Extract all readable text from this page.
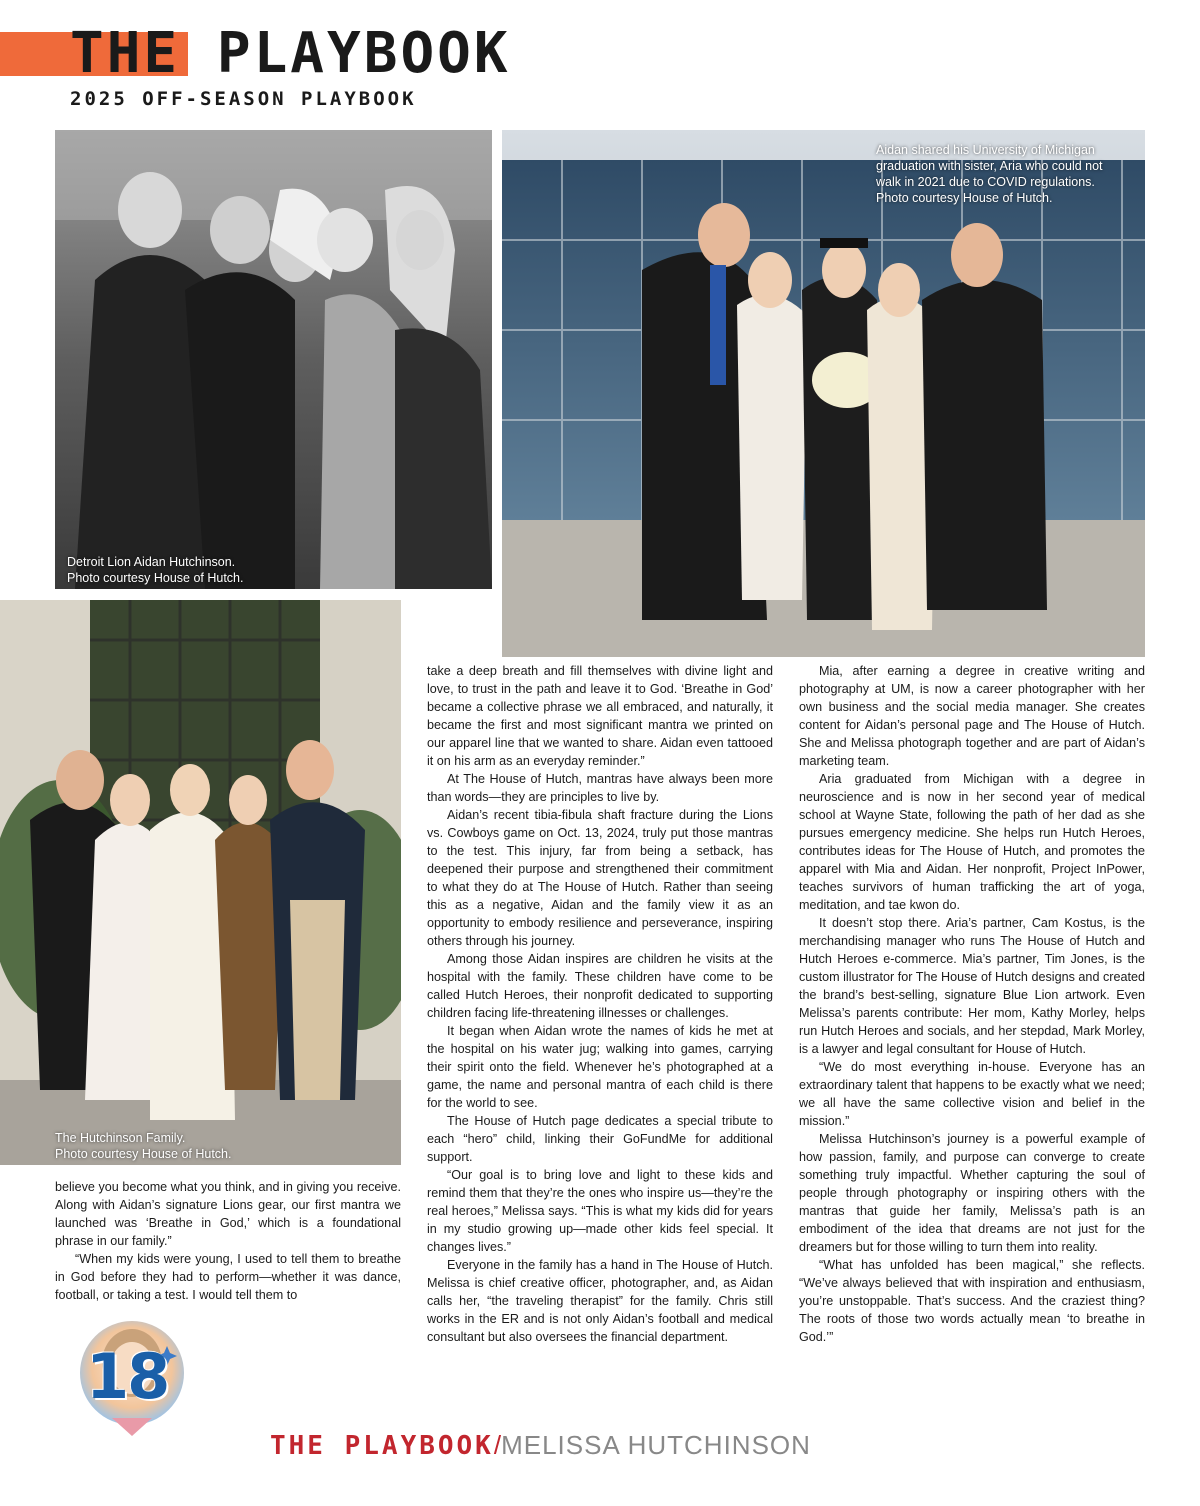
THE PLAYBOOK
2025 OFF-SEASON PLAYBOOK
Detroit Lion Aidan Hutchinson.
Photo courtesy House of Hutch.
Aidan shared his University of Michigan
graduation with sister, Aria who could not
walk in 2021 due to COVID regulations.
Photo courtesy House of Hutch.
The Hutchinson Family.
Photo courtesy House of Hutch.

believe you become what you think, and in giving you receive. Along with Aidan’s signature Lions gear, our first mantra we launched was ‘Breathe in God,’ which is a foundational phrase in our family.”

“When my kids were young, I used to tell them to breathe in God before they had to perform—whether it was dance, football, or taking a test. I would tell them to

take a deep breath and fill themselves with divine light and love, to trust in the path and leave it to God. ‘Breathe in God’ became a collective phrase we all embraced, and naturally, it became the first and most significant mantra we printed on our apparel line that we wanted to share. Aidan even tattooed it on his arm as an everyday reminder.”

At The House of Hutch, mantras have always been more than words—they are principles to live by.

Aidan’s recent tibia-fibula shaft fracture during the Lions vs. Cowboys game on Oct. 13, 2024, truly put those mantras to the test. This injury, far from being a setback, has deepened their purpose and strengthened their commitment to what they do at The House of Hutch. Rather than seeing this as a negative, Aidan and the family view it as an opportunity to embody resilience and perseverance, inspiring others through his journey.

Among those Aidan inspires are children he visits at the hospital with the family. These children have come to be called Hutch Heroes, their nonprofit dedicated to supporting children facing life-threatening illnesses or challenges.

It began when Aidan wrote the names of kids he met at the hospital on his water jug; walking into games, carrying their spirit onto the field. Whenever he’s photographed at a game, the name and personal mantra of each child is there for the world to see.

The House of Hutch page dedicates a special tribute to each “hero” child, linking their GoFundMe for additional support.

“Our goal is to bring love and light to these kids and remind them that they’re the ones who inspire us—they’re the real heroes,” Melissa says. “This is what my kids did for years in my studio growing up—made other kids feel special. It changes lives.”

Everyone in the family has a hand in The House of Hutch. Melissa is chief creative officer, photographer, and, as Aidan calls her, “the traveling therapist” for the family. Chris still works in the ER and is not only Aidan’s football and medical consultant but also oversees the financial department.

Mia, after earning a degree in creative writing and photography at UM, is now a career photographer with her own business and the social media manager. She creates content for Aidan’s personal page and The House of Hutch. She and Melissa photograph together and are part of Aidan’s marketing team.

Aria graduated from Michigan with a degree in neuroscience and is now in her second year of medical school at Wayne State, following the path of her dad as she pursues emergency medicine. She helps run Hutch Heroes, contributes ideas for The House of Hutch, and promotes the apparel with Mia and Aidan. Her nonprofit, Project InPower, teaches survivors of human trafficking the art of yoga, meditation, and tae kwon do.

It doesn’t stop there. Aria’s partner, Cam Kostus, is the merchandising manager who runs The House of Hutch and Hutch Heroes e-commerce. Mia’s partner, Tim Jones, is the custom illustrator for The House of Hutch designs and created the brand’s best-selling, signature Blue Lion artwork. Even Melissa’s parents contribute: Her mom, Kathy Morley, helps run Hutch Heroes and socials, and her stepdad, Mark Morley, is a lawyer and legal consultant for House of Hutch.

“We do most everything in-house. Everyone has an extraordinary talent that happens to be exactly what we need; we all have the same collective vision and belief in the mission.”

Melissa Hutchinson’s journey is a powerful example of how passion, family, and purpose can converge to create something truly impactful. Whether capturing the soul of people through photography or inspiring others with the mantras that guide her family, Melissa’s path is an embodiment of the idea that dreams are not just for the dreamers but for those willing to turn them into reality.

“What has unfolded has been magical,” she reflects. “We’ve always believed that with inspiration and enthusiasm, you’re unstoppable. That’s success. And the craziest thing? The roots of those two words actually mean ‘to breathe in God.’”

18
THE PLAYBOOK/MELISSA HUTCHINSON
